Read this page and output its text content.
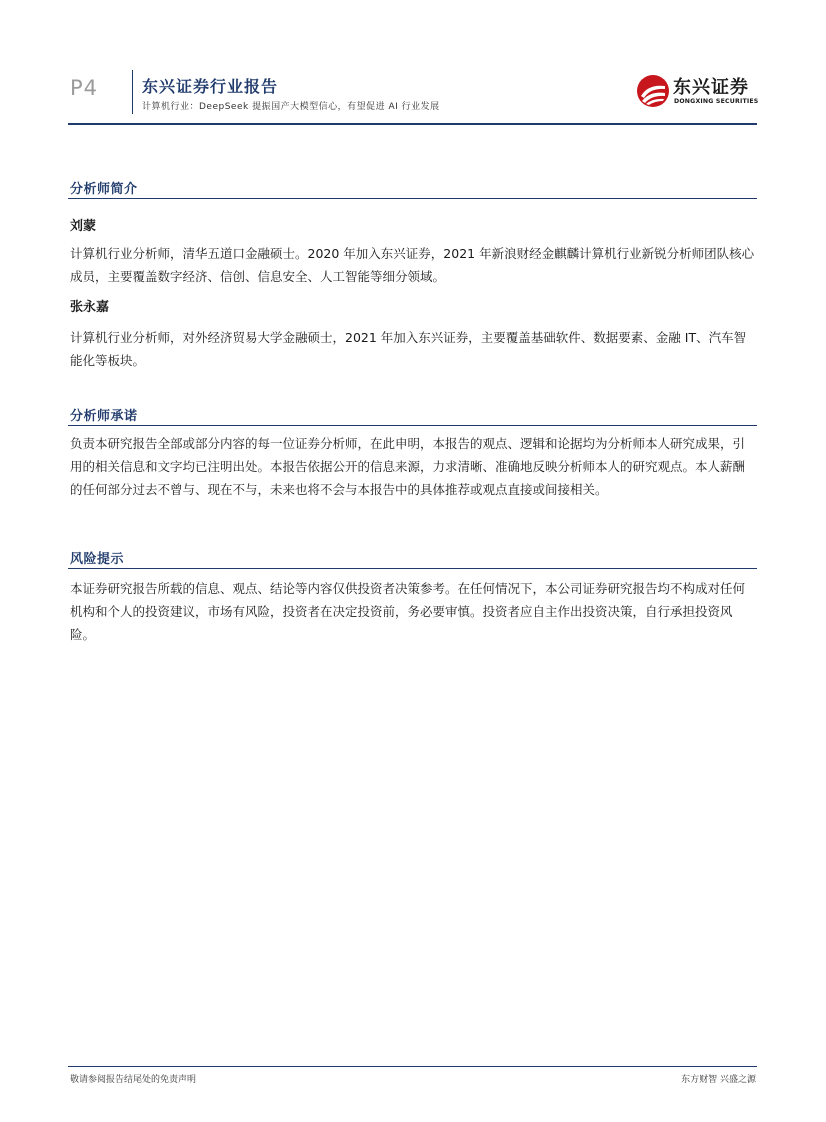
P4	东兴证券行业报告
计算机行业：DeepSeek 提振国产大模型信心，有望促进 AI 行业发展
东兴证券
DONGXING SECURITIES
分析师简介
刘蒙

计算机行业分析师，清华五道口金融硕士。2020 年加入东兴证券，2021 年新浪财经金麒麟计算机行业新锐分析师团队核心成员，主要覆盖数字经济、信创、信息安全、人工智能等细分领域。

张永嘉

计算机行业分析师，对外经济贸易大学金融硕士，2021 年加入东兴证券，主要覆盖基础软件、数据要素、金融 IT、汽车智能化等板块。

分析师承诺

负责本研究报告全部或部分内容的每一位证券分析师，在此申明，本报告的观点、逻辑和论据均为分析师本人研究成果，引用的相关信息和文字均已注明出处。本报告依据公开的信息来源，力求清晰、准确地反映分析师本人的研究观点。本人薪酬的任何部分过去不曾与、现在不与，未来也将不会与本报告中的具体推荐或观点直接或间接相关。

风险提示

本证券研究报告所载的信息、观点、结论等内容仅供投资者决策参考。在任何情况下，本公司证券研究报告均不构成对任何机构和个人的投资建议，市场有风险，投资者在决定投资前，务必要审慎。投资者应自主作出投资决策，自行承担投资风险。

敬请参阅报告结尾处的免责声明	东方财智 兴盛之源
